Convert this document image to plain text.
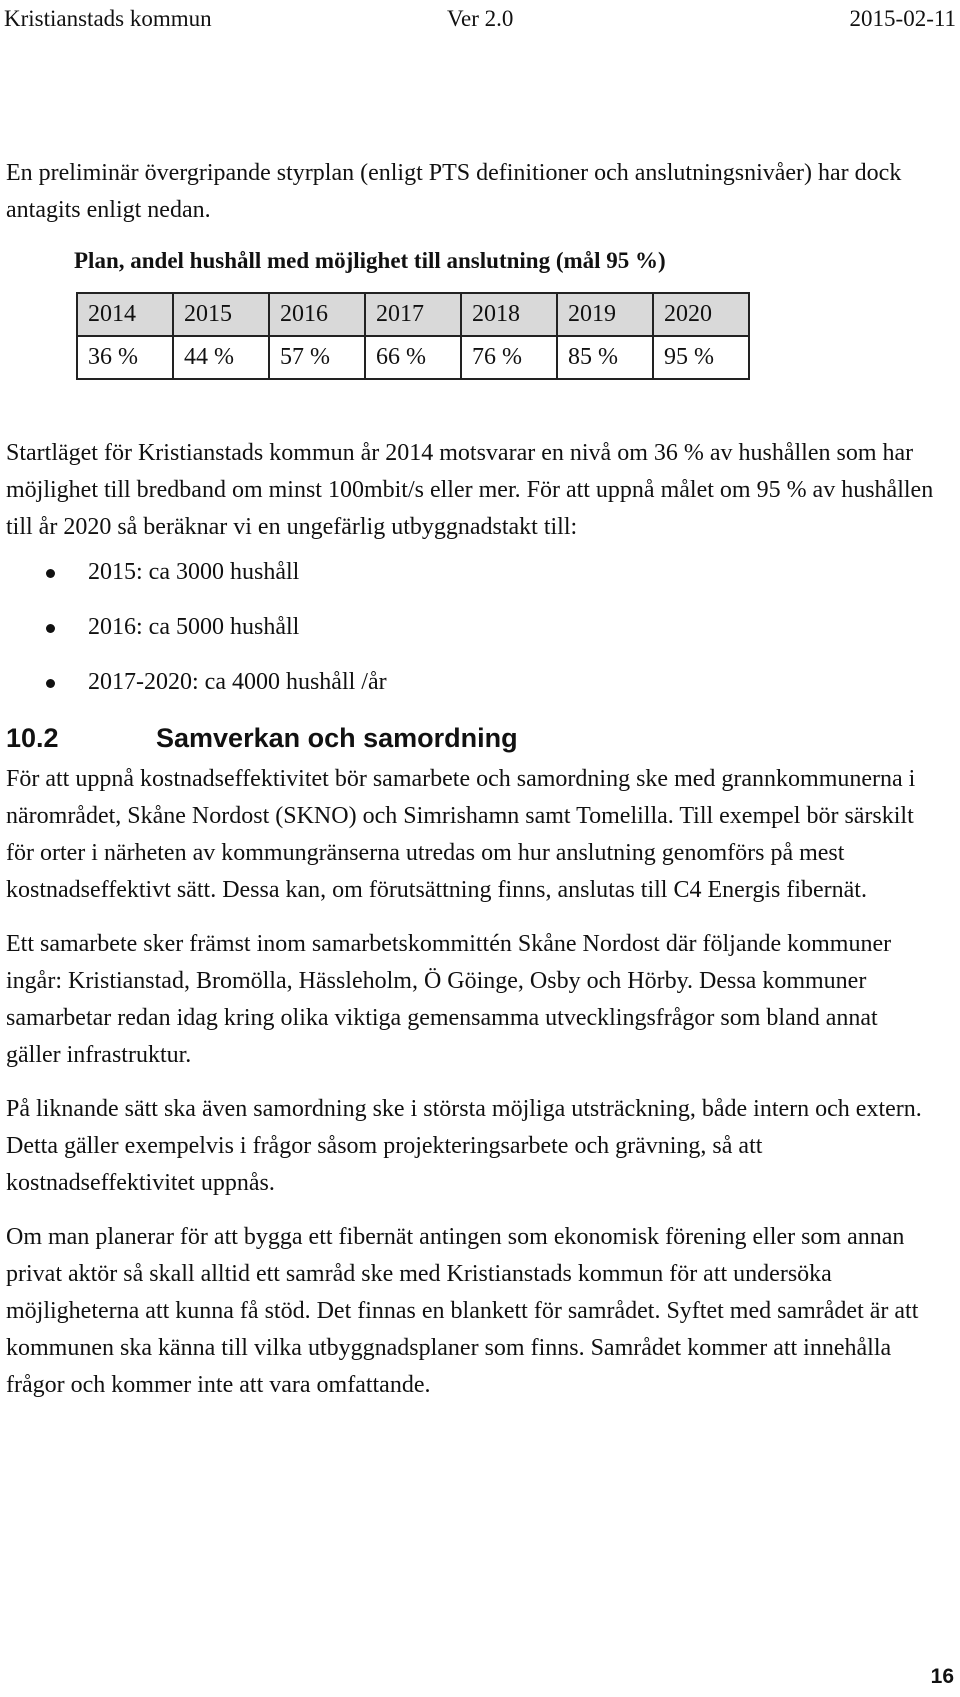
Kristianstads kommun	Ver 2.0	2015-02-11

En preliminär övergripande styrplan (enligt PTS definitioner och anslutningsnivåer) har dock antagits enligt nedan.

Plan, andel hushåll med möjlighet till anslutning (mål 95 %)
2014	2015	2016	2017	2018	2019	2020
36 %	44 %	57 %	66 %	76 %	85 %	95 %

Startläget för Kristianstads kommun år 2014 motsvarar en nivå om 36 % av hushållen som har möjlighet till bredband om minst 100mbit/s eller mer. För att uppnå målet om 95 % av hushållen till år 2020 så beräknar vi en ungefärlig utbyggnadstakt till:

2015: ca 3000 hushåll
2016: ca 5000 hushåll
2017-2020: ca 4000 hushåll /år
10.2	Samverkan och samordning

För att uppnå kostnadseffektivitet bör samarbete och samordning ske med grannkommunerna i närområdet, Skåne Nordost (SKNO) och Simrishamn samt Tomelilla. Till exempel bör särskilt för orter i närheten av kommungränserna utredas om hur anslutning genomförs på mest kostnadseffektivt sätt. Dessa kan, om förutsättning finns, anslutas till C4 Energis fibernät.

Ett samarbete sker främst inom samarbetskommittén Skåne Nordost där följande kommuner ingår: Kristianstad, Bromölla, Hässleholm, Ö Göinge, Osby och Hörby. Dessa kommuner samarbetar redan idag kring olika viktiga gemensamma utvecklingsfrågor som bland annat gäller infrastruktur.

På liknande sätt ska även samordning ske i största möjliga utsträckning, både intern och extern. Detta gäller exempelvis i frågor såsom projekteringsarbete och grävning, så att kostnadseffektivitet uppnås.

Om man planerar för att bygga ett fibernät antingen som ekonomisk förening eller som annan privat aktör så skall alltid ett samråd ske med Kristianstads kommun för att undersöka möjligheterna att kunna få stöd. Det finnas en blankett för samrådet. Syftet med samrådet är att kommunen ska känna till vilka utbyggnadsplaner som finns. Samrådet kommer att innehålla frågor och kommer inte att vara omfattande.

16
